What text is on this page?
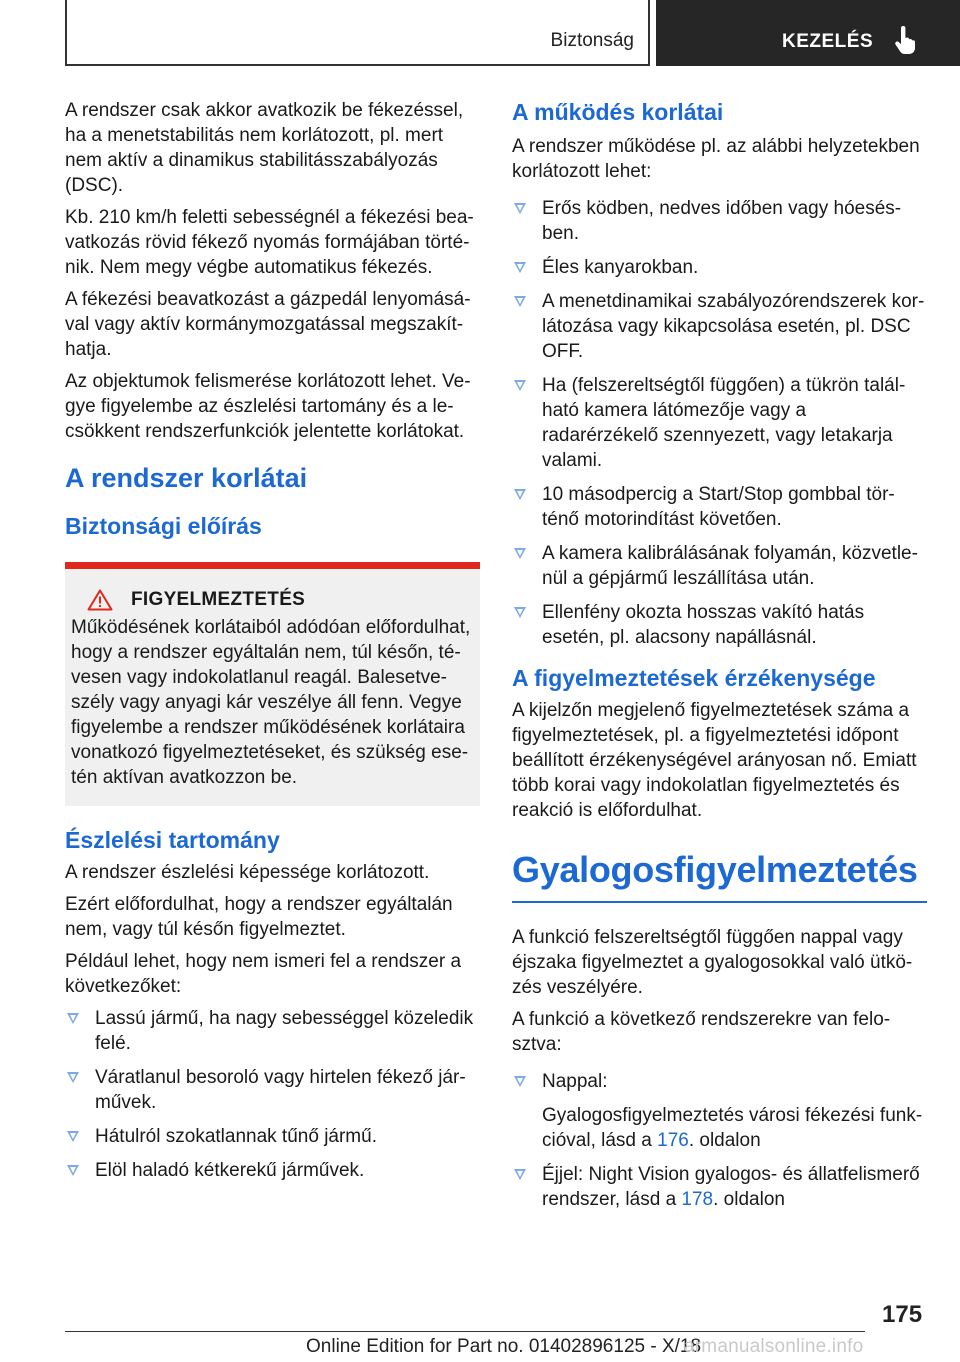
Biztonság	KEZELÉS

A rendszer csak akkor avatkozik be fékezéssel, ha a menetstabilitás nem korlátozott, pl. mert nem aktív a dinamikus stabilitásszabályozás (DSC).

Kb. 210 km/h feletti sebességnél a fékezési bea-vatkozás rövid fékező nyomás formájában törté-nik. Nem megy végbe automatikus fékezés.

A fékezési beavatkozást a gázpedál lenyomásá-val vagy aktív kormánymozgatással megszakít-hatja.

Az objektumok felismerése korlátozott lehet. Ve-gye figyelembe az észlelési tartomány és a le-csökkent rendszerfunkciók jelentette korlátokat.

A rendszer korlátai
Biztonsági előírás
FIGYELMEZTETÉS

Működésének korlátaiból adódóan előfordulhat, hogy a rendszer egyáltalán nem, túl későn, té-vesen vagy indokolatlanul reagál. Balesetve-szély vagy anyagi kár veszélye áll fenn. Vegye figyelembe a rendszer működésének korlátaira vonatkozó figyelmeztetéseket, és szükség ese-tén aktívan avatkozzon be.

Észlelési tartomány

A rendszer észlelési képessége korlátozott.

Ezért előfordulhat, hogy a rendszer egyáltalán nem, vagy túl későn figyelmeztet.

Például lehet, hogy nem ismeri fel a rendszer a következőket:

Lassú jármű, ha nagy sebességgel közeledik felé.
Váratlanul besoroló vagy hirtelen fékező jár-művek.
Hátulról szokatlannak tűnő jármű.
Elöl haladó kétkerekű járművek.
A működés korlátai

A rendszer működése pl. az alábbi helyzetekben korlátozott lehet:

Erős ködben, nedves időben vagy hóesés-ben.
Éles kanyarokban.
A menetdinamikai szabályozórendszerek kor-látozása vagy kikapcsolása esetén, pl. DSC OFF.
Ha (felszereltségtől függően) a tükrön talál-ható kamera látómezője vagy a radarérzékelő szennyezett, vagy letakarja valami.
10 másodpercig a Start/Stop gombbal tör-ténő motorindítást követően.
A kamera kalibrálásának folyamán, közvetle-nül a gépjármű leszállítása után.
Ellenfény okozta hosszas vakító hatás esetén, pl. alacsony napállásnál.
A figyelmeztetések érzékenysége

A kijelzőn megjelenő figyelmeztetések száma a figyelmeztetések, pl. a figyelmeztetési időpont beállított érzékenységével arányosan nő. Emiatt több korai vagy indokolatlan figyelmeztetés és reakció is előfordulhat.

Gyalogosfigyelmeztetés

A funkció felszereltségtől függően nappal vagy éjszaka figyelmeztet a gyalogosokkal való ütkö-zés veszélyére.

A funkció a következő rendszerekre van felo-sztva:

Nappal:
Gyalogosfigyelmeztetés városi fékezési funk-cióval, lásd a 176. oldalon
Éjjel: Night Vision gyalogos- és állatfelismerő rendszer, lásd a 178. oldalon
175
Online Edition for Part no. 01402896125 - X/18
armanualsonline.info
